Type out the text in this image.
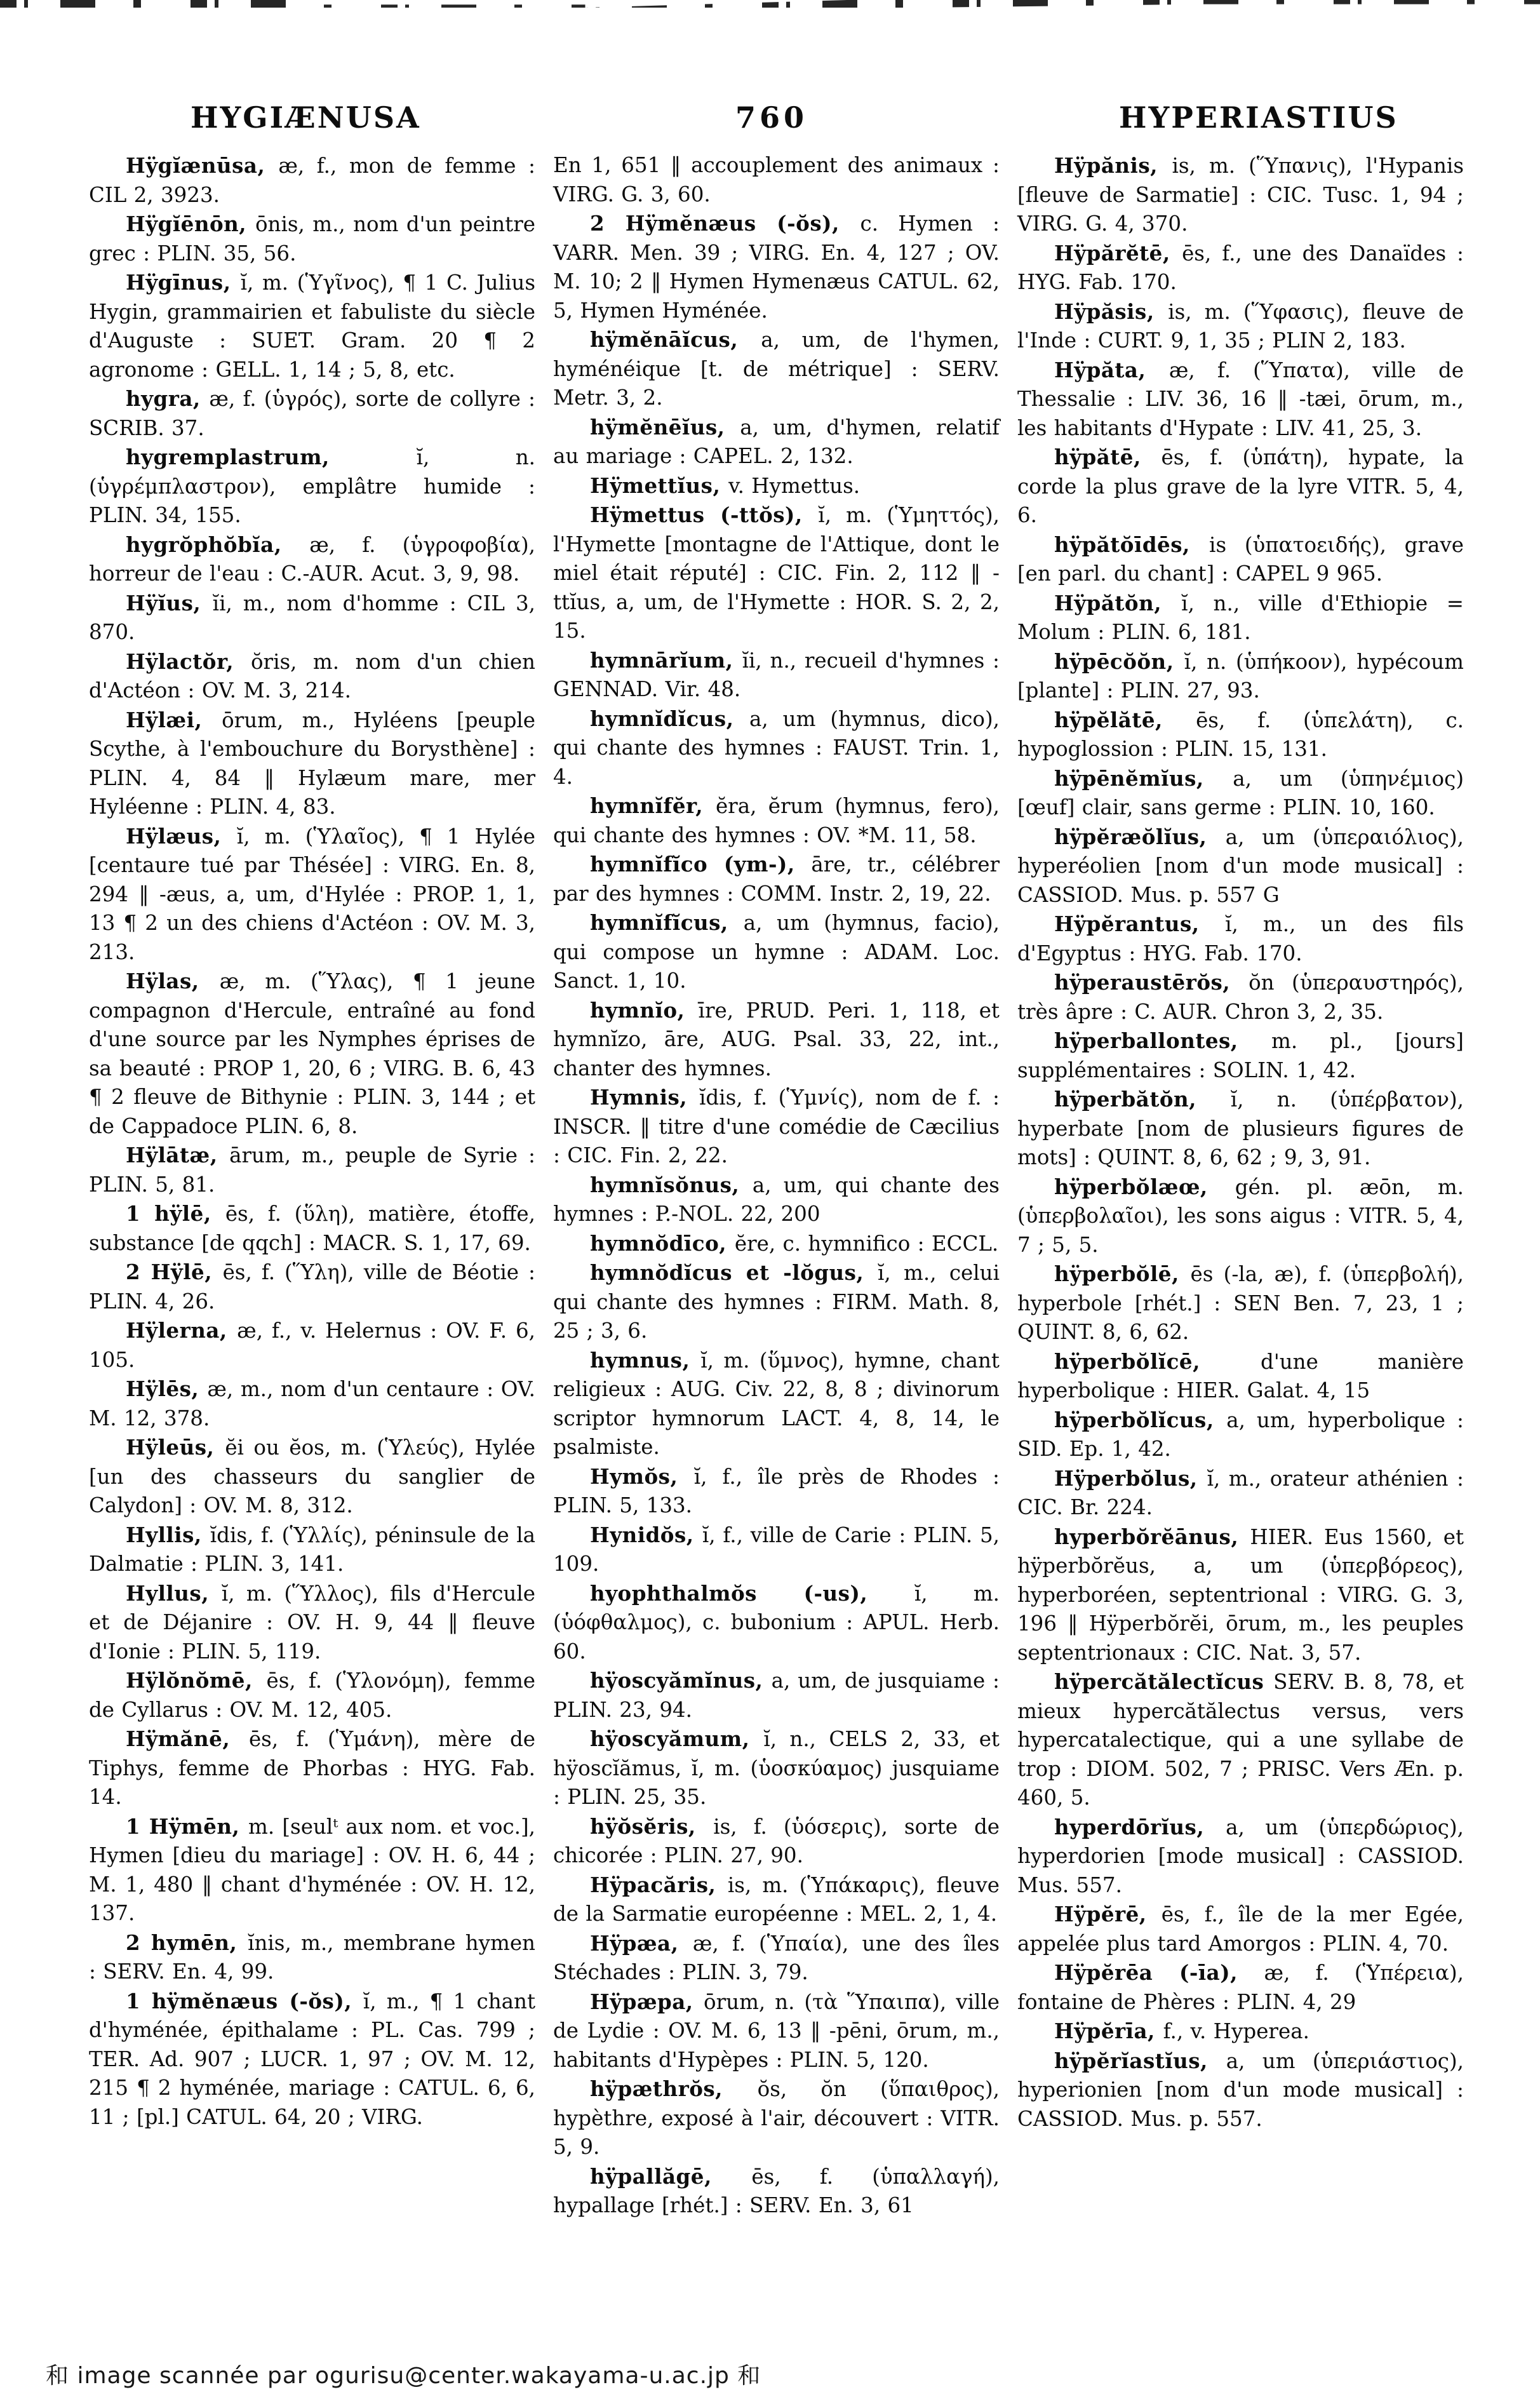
HYGIÆNUSA	760	HYPERIASTIUS

Hÿgĭænūsa, æ, f., mon de femme : CIL 2, 3923.

Hÿgĭēnōn, ōnis, m., nom d'un peintre grec : PLIN. 35, 56.

Hÿgīnus, ĭ, m. (Ὑγῖνος), ¶ 1 C. Julius Hygin, grammairien et fabuliste du siècle d'Auguste : SUET. Gram. 20 ¶ 2 agronome : GELL. 1, 14 ; 5, 8, etc.

hygra, æ, f. (ὑγρός), sorte de collyre : SCRIB. 37.

hygremplastrum, ĭ, n. (ὑγρέμπλαστρον), emplâtre humide : PLIN. 34, 155.

hygrŏphŏbĭa, æ, f. (ὑγροφοβία), horreur de l'eau : C.-AUR. Acut. 3, 9, 98.

Hÿĭus, ĭi, m., nom d'homme : CIL 3, 870.

Hÿlactŏr, ŏris, m. nom d'un chien d'Actéon : OV. M. 3, 214.

Hÿlæi, ōrum, m., Hyléens [peuple Scythe, à l'embouchure du Borysthène] : PLIN. 4, 84 ‖ Hylæum mare, mer Hyléenne : PLIN. 4, 83.

Hÿlæus, ĭ, m. (Ὑλαῖος), ¶ 1 Hylée [centaure tué par Thésée] : VIRG. En. 8, 294 ‖ -æus, a, um, d'Hylée : PROP. 1, 1, 13 ¶ 2 un des chiens d'Actéon : OV. M. 3, 213.

Hÿlas, æ, m. (Ὕλας), ¶ 1 jeune compagnon d'Hercule, entraîné au fond d'une source par les Nymphes éprises de sa beauté : PROP 1, 20, 6 ; VIRG. B. 6, 43 ¶ 2 fleuve de Bithynie : PLIN. 3, 144 ; et de Cappadoce PLIN. 6, 8.

Hÿlātæ, ārum, m., peuple de Syrie : PLIN. 5, 81.

1 hÿlē, ēs, f. (ὕλη), matière, étoffe, substance [de qqch] : MACR. S. 1, 17, 69.

2 Hÿlē, ēs, f. (Ὕλη), ville de Béotie : PLIN. 4, 26.

Hÿlerna, æ, f., v. Helernus : OV. F. 6, 105.

Hÿlēs, æ, m., nom d'un centaure : OV. M. 12, 378.

Hÿleūs, ĕi ou ĕos, m. (Ὑλεύς), Hylée [un des chasseurs du sanglier de Calydon] : OV. M. 8, 312.

Hyllis, ĭdis, f. (Ὑλλίς), péninsule de la Dalmatie : PLIN. 3, 141.

Hyllus, ĭ, m. (Ὕλλος), fils d'Hercule et de Déjanire : OV. H. 9, 44 ‖ fleuve d'Ionie : PLIN. 5, 119.

Hÿlŏnŏmē, ēs, f. (Ὑλονόμη), femme de Cyllarus : OV. M. 12, 405.

Hÿmănē, ēs, f. (Ὑμάνη), mère de Tiphys, femme de Phorbas : HYG. Fab. 14.

1 Hÿmēn, m. [seulᵗ aux nom. et voc.], Hymen [dieu du mariage] : OV. H. 6, 44 ; M. 1, 480 ‖ chant d'hyménée : OV. H. 12, 137.

2 hymēn, ĭnis, m., membrane hymen : SERV. En. 4, 99.

1 hÿmĕnæus (-ŏs), ĭ, m., ¶ 1 chant d'hyménée, épithalame : PL. Cas. 799 ; TER. Ad. 907 ; LUCR. 1, 97 ; OV. M. 12, 215 ¶ 2 hyménée, mariage : CATUL. 6, 6, 11 ; [pl.] CATUL. 64, 20 ; VIRG.

En 1, 651 ‖ accouplement des animaux : VIRG. G. 3, 60.

2 Hÿmĕnæus (-ŏs), c. Hymen : VARR. Men. 39 ; VIRG. En. 4, 127 ; OV. M. 10; 2 ‖ Hymen Hymenæus CATUL. 62, 5, Hymen Hyménée.

hÿmĕnāĭcus, a, um, de l'hymen, hyménéique [t. de métrique] : SERV. Metr. 3, 2.

hÿmĕnēĭus, a, um, d'hymen, relatif au mariage : CAPEL. 2, 132.

Hÿmettĭus, v. Hymettus.

Hÿmettus (-ttŏs), ĭ, m. (Ὑμηττός), l'Hymette [montagne de l'Attique, dont le miel était réputé] : CIC. Fin. 2, 112 ‖ -ttĭus, a, um, de l'Hymette : HOR. S. 2, 2, 15.

hymnārĭum, ĭi, n., recueil d'hymnes : GENNAD. Vir. 48.

hymnĭdĭcus, a, um (hymnus, dico), qui chante des hymnes : FAUST. Trin. 1, 4.

hymnĭfĕr, ĕra, ĕrum (hymnus, fero), qui chante des hymnes : OV. *M. 11, 58.

hymnĭfĭco (ym-), āre, tr., célébrer par des hymnes : COMM. Instr. 2, 19, 22.

hymnĭfĭcus, a, um (hymnus, facio), qui compose un hymne : ADAM. Loc. Sanct. 1, 10.

hymnĭo, īre, PRUD. Peri. 1, 118, et hymnĭzo, āre, AUG. Psal. 33, 22, int., chanter des hymnes.

Hymnis, ĭdis, f. (Ὑμνίς), nom de f. : INSCR. ‖ titre d'une comédie de Cæcilius : CIC. Fin. 2, 22.

hymnĭsŏnus, a, um, qui chante des hymnes : P.-NOL. 22, 200

hymnŏdīco, ĕre, c. hymnifico : ECCL.

hymnŏdĭcus et -lŏgus, ĭ, m., celui qui chante des hymnes : FIRM. Math. 8, 25 ; 3, 6.

hymnus, ĭ, m. (ὕμνος), hymne, chant religieux : AUG. Civ. 22, 8, 8 ; divinorum scriptor hymnorum LACT. 4, 8, 14, le psalmiste.

Hymŏs, ĭ, f., île près de Rhodes : PLIN. 5, 133.

Hynidŏs, ĭ, f., ville de Carie : PLIN. 5, 109.

hyophthalmŏs (-us), ĭ, m. (ὑόφθαλμος), c. bubonium : APUL. Herb. 60.

hÿoscyămĭnus, a, um, de jusquiame : PLIN. 23, 94.

hÿoscyămum, ĭ, n., CELS 2, 33, et hÿoscĭămus, ĭ, m. (ὑοσκύαμος) jusquiame : PLIN. 25, 35.

hÿŏsĕris, is, f. (ὑόσερις), sorte de chicorée : PLIN. 27, 90.

Hÿpacăris, is, m. (Ὑπάκαρις), fleuve de la Sarmatie européenne : MEL. 2, 1, 4.

Hÿpæa, æ, f. (Ὑπαία), une des îles Stéchades : PLIN. 3, 79.

Hÿpæpa, ōrum, n. (τὰ Ὕπαιπα), ville de Lydie : OV. M. 6, 13 ‖ -pēni, ōrum, m., habitants d'Hypèpes : PLIN. 5, 120.

hÿpæthrŏs, ŏs, ŏn (ὕπαιθρος), hypèthre, exposé à l'air, découvert : VITR. 5, 9.

hÿpallăgē, ēs, f. (ὑπαλλαγή), hypallage [rhét.] : SERV. En. 3, 61

Hÿpănis, is, m. (Ὕπανις), l'Hypanis [fleuve de Sarmatie] : CIC. Tusc. 1, 94 ; VIRG. G. 4, 370.

Hÿpărĕtē, ēs, f., une des Danaïdes : HYG. Fab. 170.

Hÿpăsis, is, m. (Ὕφασις), fleuve de l'Inde : CURT. 9, 1, 35 ; PLIN 2, 183.

Hÿpăta, æ, f. (Ὕπατα), ville de Thessalie : LIV. 36, 16 ‖ -tæi, ōrum, m., les habitants d'Hypate : LIV. 41, 25, 3.

hÿpătē, ēs, f. (ὑπάτη), hypate, la corde la plus grave de la lyre VITR. 5, 4, 6.

hÿpătŏīdēs, is (ὑπατοειδής), grave [en parl. du chant] : CAPEL 9 965.

Hÿpătŏn, ĭ, n., ville d'Ethiopie = Molum : PLIN. 6, 181.

hÿpēcŏŏn, ĭ, n. (ὑπήκοον), hypécoum [plante] : PLIN. 27, 93.

hÿpĕlătē, ēs, f. (ὑπελάτη), c. hypoglossion : PLIN. 15, 131.

hÿpēnĕmĭus, a, um (ὑπηνέμιος) [œuf] clair, sans germe : PLIN. 10, 160.

hÿpĕræŏlĭus, a, um (ὑπεραιόλιος), hyperéolien [nom d'un mode musical] : CASSIOD. Mus. p. 557 G

Hÿpĕrantus, ĭ, m., un des fils d'Egyptus : HYG. Fab. 170.

hÿperaustērŏs, ŏn (ὑπεραυστηρός), très âpre : C. AUR. Chron 3, 2, 35.

hÿperballontes, m. pl., [jours] supplémentaires : SOLIN. 1, 42.

hÿperbătŏn, ĭ, n. (ὑπέρβατον), hyperbate [nom de plusieurs figures de mots] : QUINT. 8, 6, 62 ; 9, 3, 91.

hÿperbŏlæœ, gén. pl. æōn, m. (ὑπερβολαῖοι), les sons aigus : VITR. 5, 4, 7 ; 5, 5.

hÿperbŏlē, ēs (-la, æ), f. (ὑπερβολή), hyperbole [rhét.] : SEN Ben. 7, 23, 1 ; QUINT. 8, 6, 62.

hÿperbŏlĭcē, d'une manière hyperbolique : HIER. Galat. 4, 15

hÿperbŏlĭcus, a, um, hyperbolique : SID. Ep. 1, 42.

Hÿperbŏlus, ĭ, m., orateur athénien : CIC. Br. 224.

hyperbŏrĕānus, HIER. Eus 1560, et hÿperbŏrĕus, a, um (ὑπερβόρεος), hyperboréen, septentrional : VIRG. G. 3, 196 ‖ Hÿperbŏrĕi, ōrum, m., les peuples septentrionaux : CIC. Nat. 3, 57.

hÿpercătălectĭcus SERV. B. 8, 78, et mieux hypercătălectus versus, vers hypercatalectique, qui a une syllabe de trop : DIOM. 502, 7 ; PRISC. Vers Æn. p. 460, 5.

hyperdōrĭus, a, um (ὑπερδώριος), hyperdorien [mode musical] : CASSIOD. Mus. 557.

Hÿpĕrē, ēs, f., île de la mer Egée, appelée plus tard Amorgos : PLIN. 4, 70.

Hÿpĕrēa (-īa), æ, f. (Ὑπέρεια), fontaine de Phères : PLIN. 4, 29

Hÿpĕrīa, f., v. Hyperea.

hÿpĕrĭastĭus, a, um (ὑπεριάστιος), hyperionien [nom d'un mode musical] : CASSIOD. Mus. p. 557.

和 image scannée par ogurisu@center.wakayama-u.ac.jp 和
